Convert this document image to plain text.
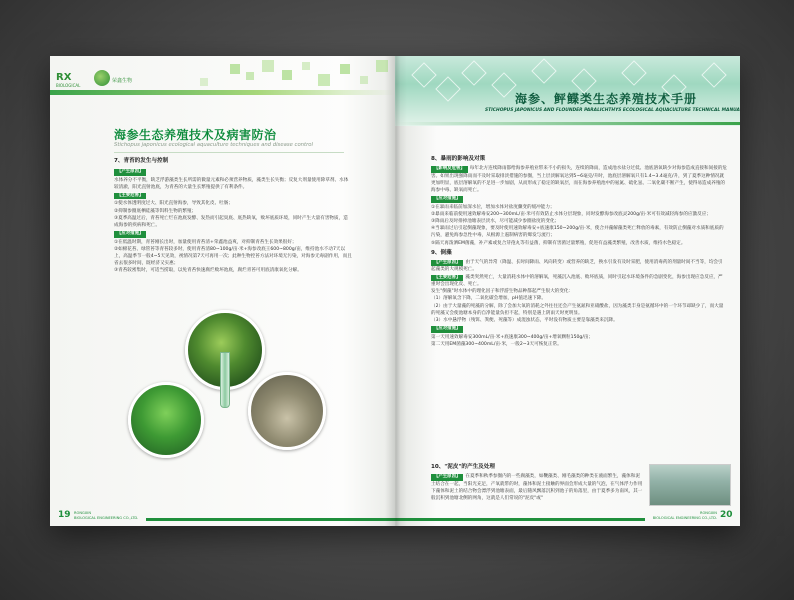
RX
BIOLOGICAL
荣鑫生物
海参生态养殖技术及病害防治
Stichopus japonicus ecological aquaculture techniques and disease control
7、青苔的发生与控制
【产生原因】

水体养分不平衡，缺乏浮游藻类生长所需的微量元素和必须营养物质，藻类生长失衡；反复大剂量使用除草剂、水体较清澈，阳光直射池底，为青苔的大量生长繁殖提供了有利条件。

【主要危害】

①使水体透明度过大、阳光直射海参，导致其化皮、吐肠；

②抑制参圈底栖硅藻等饵料生物的繁殖；

③夏季高温过后，青苔死亡烂在池底发酵、发热而引起臭底、底热缺氧，败坏底质环境，同时产生大量有害物质，造成海参的疾病和死亡。

【应对措施】

①在低温时期，青苔刚长出时，加量使用青苔清+荣鑫池益爽，对抑制青苔生长效果很好；

②如棉花苔、绿管苔等青苔较多时，使用青苔清80~100g/亩·米+海参改底王600~800g/亩，维持池水不动7天以上，高温季节一般4~5天见效，视情况第7天可再用一次；此种生物控苔方法对环境无污染，对海参无毒副作用，而且省去很多时间，既经济又实惠；

③青苔较密集时，可适当捞取，以免青苔快速腐烂败坏池底，腐烂青苔可用底清康氧化分解。

19 RONGXIN
BIOLOGICAL ENGINEERING CO.,LTD.
海参、鲆鲽类生态养殖技术手册
STICHOPUS JAPONICUS AND FLOUNDER PARALICHTHYS ECOLOGICAL AQUACULTURE TECHNICAL MANUA
8、暴雨的影响及对策

【影响及危害】 每年北方连续降雨都给海参养殖业带来不小的损失，连续的降雨，造成池水盐分过低、池底溶氧缺少对海参造成直接和间接的危害。如果出现强降雨而不及时采取排淡措施的参圈，当上层淡解氧达到5~6毫克/升时，池底层溶解氧只有1.4~3.4毫克/升，到了夏季这种情况就更加明显，底层溶解氧的不足进一步加剧，从而形成了稳定的缺氧层，而在海参养殖池中的氨氮、硫化氢、二氧化碳不断产生，使得易造成养殖的海参中毒、缺氧而死亡。

【应对措施】

①在暴雨来临前加深水位，增加水体对盐度骤变的缓冲能力；

②暴雨来临前使用速效解毒安200~300mL/亩·米可有效防止水体分层现象，同时发酵海参改底灵200g/亩·米可有效减轻海参的应激反应；

③降雨后及时排掉池塘表层淡水，尽可能减少参圈盐度的变化；

④当暴雨过后引起倒藻现象，要及时使用速效解毒安+底速康150~200g/亩·米，使合并藻解藻类死亡释放的毒素，有效防止倒藻对水质和底质的污染，避免海参急性中毒，从根源上遏制病害的爆发与流行；

⑤隔天再泼洒EM菌藻，补产素或复合芽孢丸等有益菌，抑制有害菌过量繁殖，促进有益藻类繁殖，改善水质，维持水色稳定。

9、倒藻

【产生原因】 由于天气的异常（降温、长时间降雨、风向转变）或营养的缺乏，换水引发有及时采肥，使用消毒药的剂量时间不当等，均会引起藻类的大规模死亡。

【主要危害】 藻类突然死亡，大量消耗水体中的溶解氧，死藻沉入池底、败坏底质，同时引起水环境条件的急剧变化，海参出现应急反应，严重时会出现化皮、死亡。

发生"倒藻"时水体中的理化因子和浮游生物品种都起严生很大的变化：

（1）溶解氧含下降，二氧化碳会增加，pH值迅速下降。

（2）由于大量藻的死藻的分解，除了会加大氧的消耗之外往往还会产生氨氮和亚硝酸盐，因为藻类丰身是氨循环中的一个环节却缺少了，而大量的死藻又会使池塘本身的自净能量负担不起，特别是遇上阴雨天时更明显。

（3）水中悬浮物（残饵、粪便、死藻等）成混浊状态，平时没有物质主要是靠藻类来沉降。

【应对措施】

第一天用速效解毒安300mL/亩·米+底速康300~400g/亩+增氧颗粒150g/亩；

第二天用EM菌藻300~400mL/亩·米，一般2~3天可恢复正常。

10、"泥皮"的产生及处理

【产生原因】 在夏季和秋季参圈内的一些腐藻类，如鞭藻类、刚毛藻类的种类在液面繁生，藻体和泥土结合在一起，当阳光充足，产氧就带的时，藻体和泥土接触的界面会形成大量的气泡，在气体浮力作用下藻体和泥土的结合物会漂浮到池塘表面，最后随风飘落沉积到池子的角落里，由于夏季多为南风，其一般沉积到池塘北侧的网角，这就是人们常说的"泥皮"或"

RONGXIN
BIOLOGICAL ENGINEERING CO.,LTD. 20
